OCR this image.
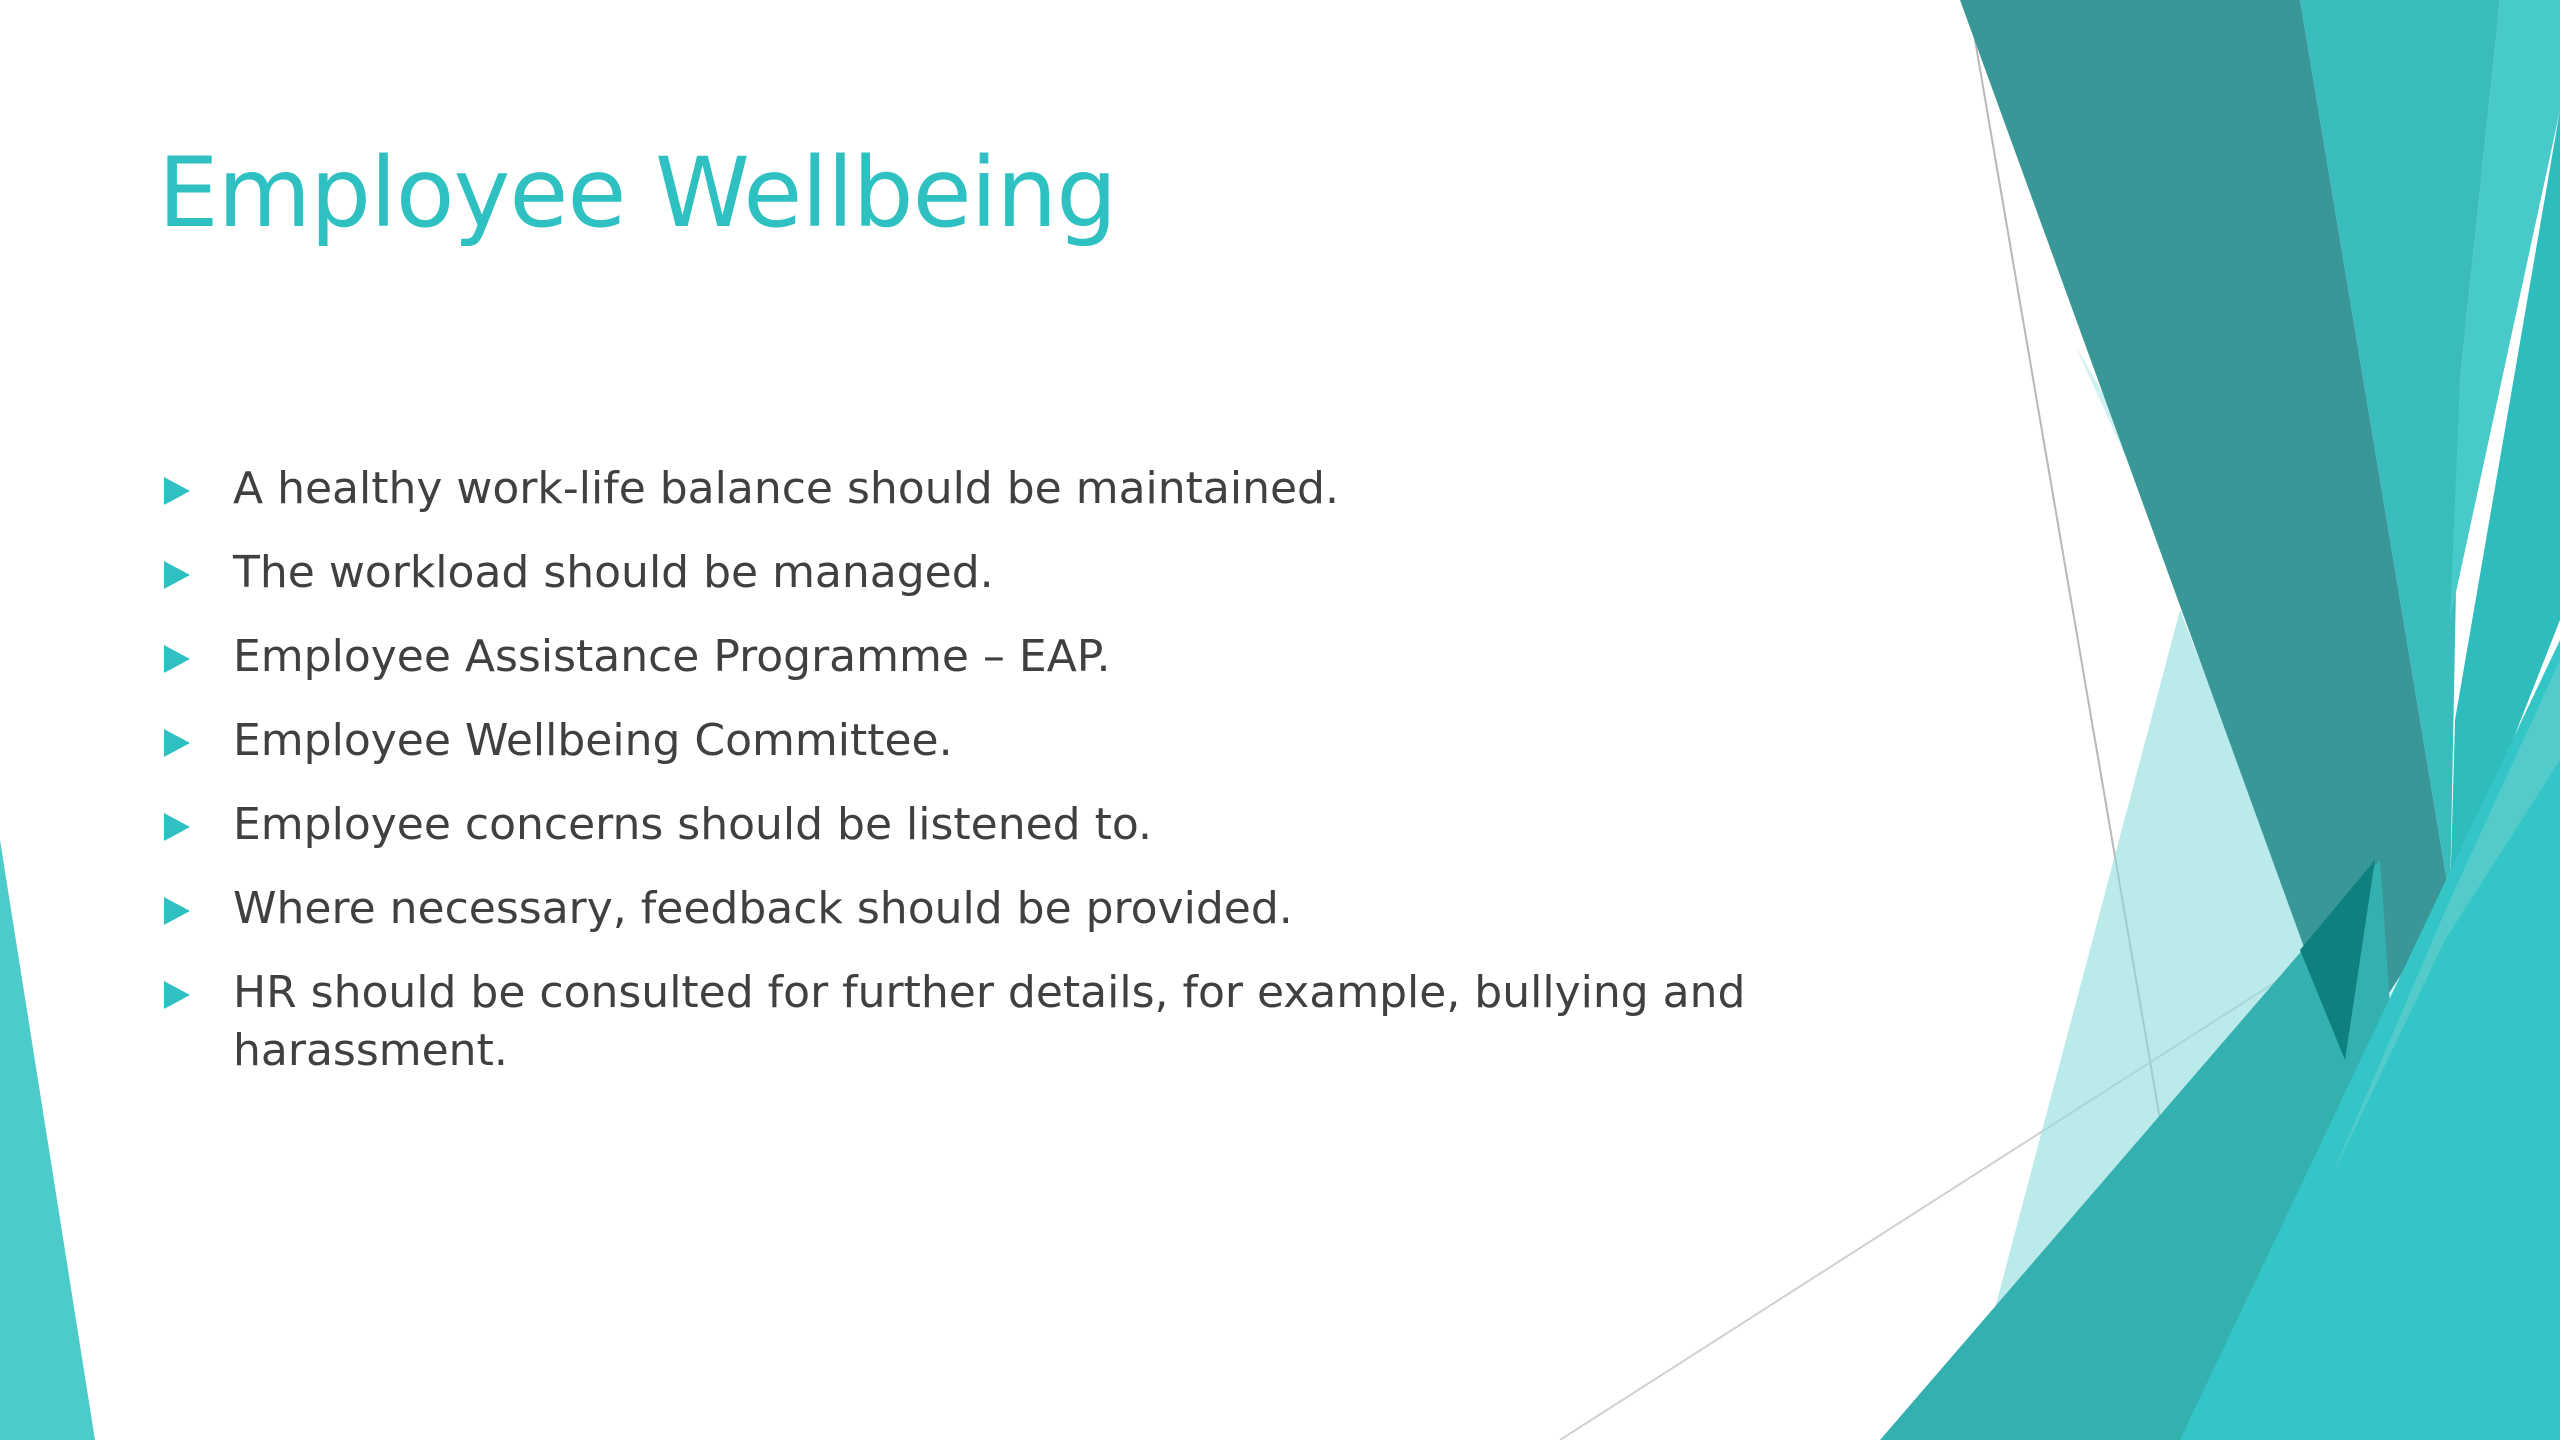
Employee Wellbeing
A healthy work-life balance should be maintained.
The workload should be managed.
Employee Assistance Programme – EAP.
Employee Wellbeing Committee.
Employee concerns should be listened to.
Where necessary, feedback should be provided.
HR should be consulted for further details, for example, bullying and harassment.
